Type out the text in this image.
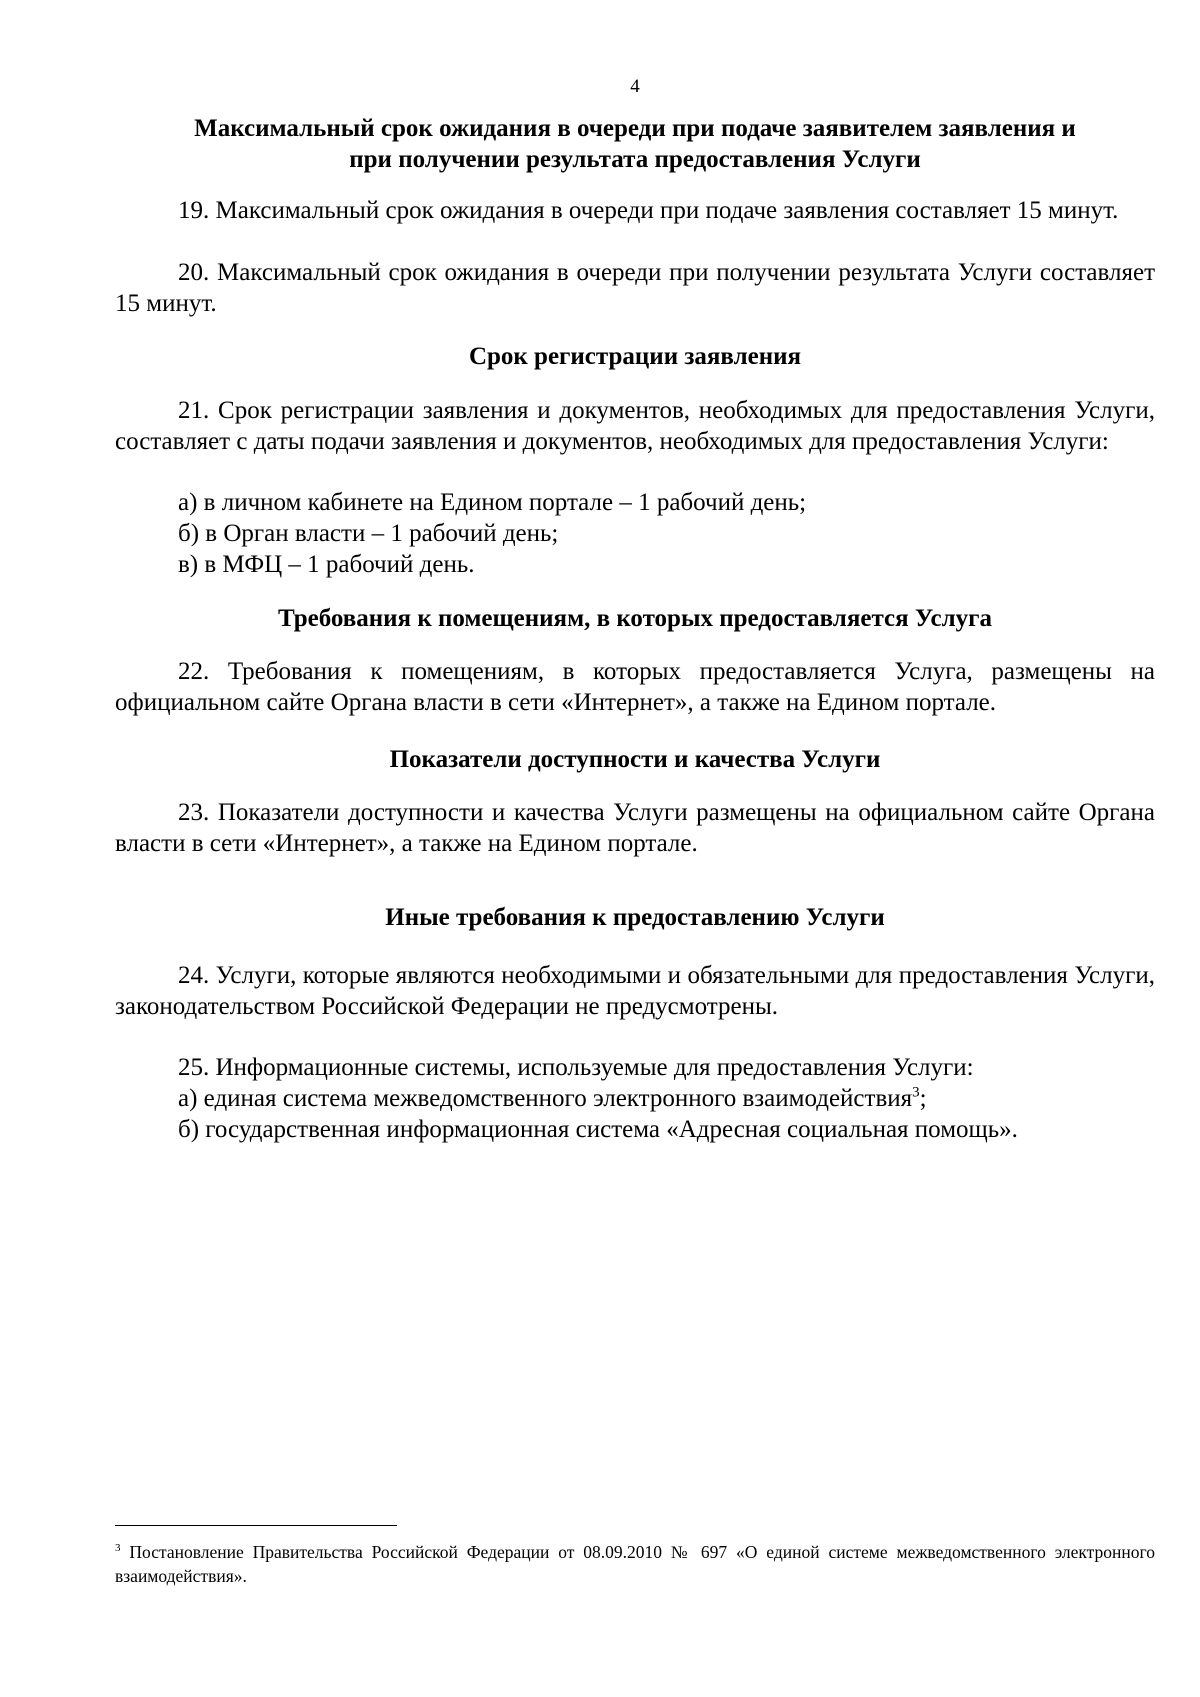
4
Максимальный срок ожидания в очереди при подаче заявителем заявления и
при получении результата предоставления Услуги
19. Максимальный срок ожидания в очереди при подаче заявления составляет 15 минут.
20. Максимальный срок ожидания в очереди при получении результата Услуги составляет 15 минут.
Срок регистрации заявления
21. Срок регистрации заявления и документов, необходимых для предоставления Услуги, составляет с даты подачи заявления и документов, необходимых для предоставления Услуги:
а) в личном кабинете на Едином портале – 1 рабочий день;
б) в Орган власти – 1 рабочий день;
в) в МФЦ – 1 рабочий день.
Требования к помещениям, в которых предоставляется Услуга
22. Требования к помещениям, в которых предоставляется Услуга, размещены на официальном сайте Органа власти в сети «Интернет», а также на Едином портале.
Показатели доступности и качества Услуги
23. Показатели доступности и качества Услуги размещены на официальном сайте Органа власти в сети «Интернет», а также на Едином портале.
Иные требования к предоставлению Услуги
24. Услуги, которые являются необходимыми и обязательными для предоставления Услуги, законодательством Российской Федерации не предусмотрены.
25. Информационные системы, используемые для предоставления Услуги:
а) единая система межведомственного электронного взаимодействия$^3$;
б) государственная информационная система «Адресная социальная помощь».
$^3$ Постановление Правительства Российской Федерации от 08.09.2010 № 697 «О единой системе межведомственного электронного взаимодействия».
